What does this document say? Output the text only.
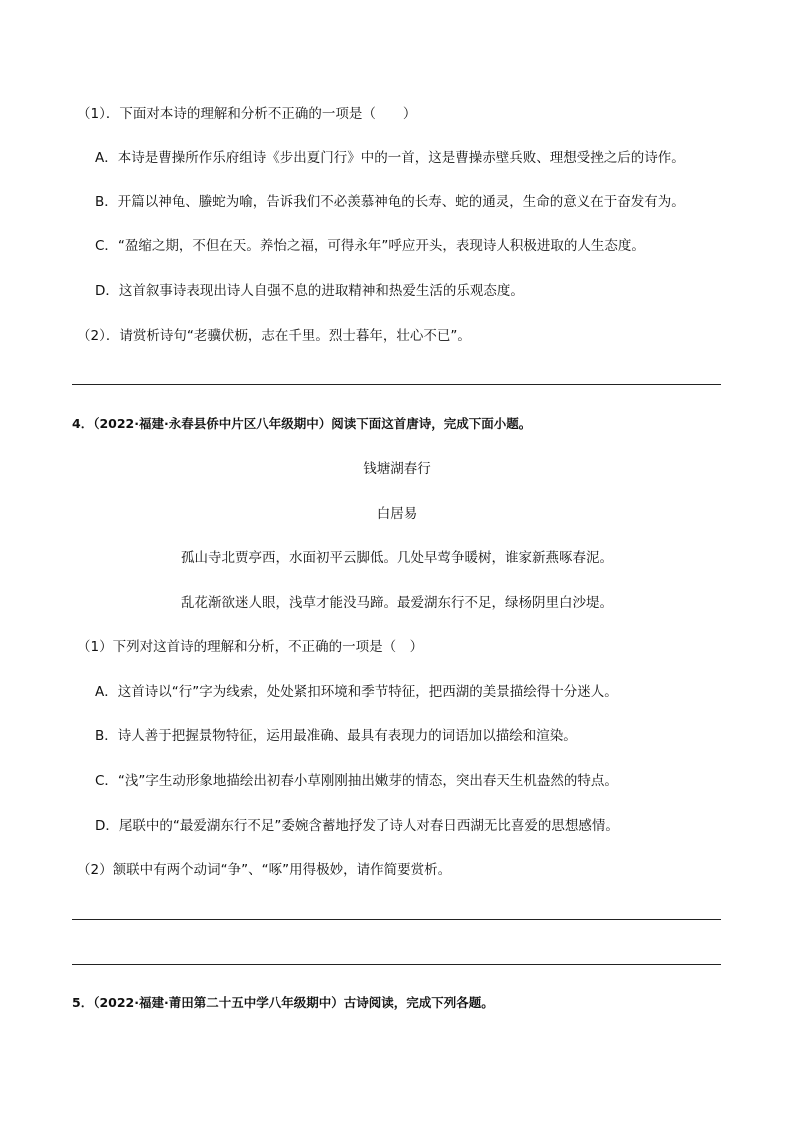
（1）．下面对本诗的理解和分析不正确的一项是（　　）
A．本诗是曹操所作乐府组诗《步出夏门行》中的一首，这是曹操赤壁兵败、理想受挫之后的诗作。
B．开篇以神龟、螣蛇为喻，告诉我们不必羡慕神龟的长寿、蛇的通灵，生命的意义在于奋发有为。
C．“盈缩之期，不但在天。养怡之福，可得永年”呼应开头，表现诗人积极进取的人生态度。
D．这首叙事诗表现出诗人自强不息的进取精神和热爱生活的乐观态度。
（2）．请赏析诗句“老骥伏枥，志在千里。烈士暮年，壮心不已”。
4．（2022·福建·永春县侨中片区八年级期中）阅读下面这首唐诗，完成下面小题。
钱塘湖春行
白居易
孤山寺北贾亭西，水面初平云脚低。几处早莺争暖树，谁家新燕啄春泥。
乱花渐欲迷人眼，浅草才能没马蹄。最爱湖东行不足，绿杨阴里白沙堤。
（1）下列对这首诗的理解和分析，不正确的一项是（　）
A．这首诗以“行”字为线索，处处紧扣环境和季节特征，把西湖的美景描绘得十分迷人。
B．诗人善于把握景物特征，运用最准确、最具有表现力的词语加以描绘和渲染。
C．“浅”字生动形象地描绘出初春小草刚刚抽出嫩芽的情态，突出春天生机盎然的特点。
D．尾联中的“最爱湖东行不足”委婉含蓄地抒发了诗人对春日西湖无比喜爱的思想感情。
（2）颔联中有两个动词“争”、“啄”用得极妙，请作简要赏析。
5．（2022·福建·莆田第二十五中学八年级期中）古诗阅读，完成下列各题。
